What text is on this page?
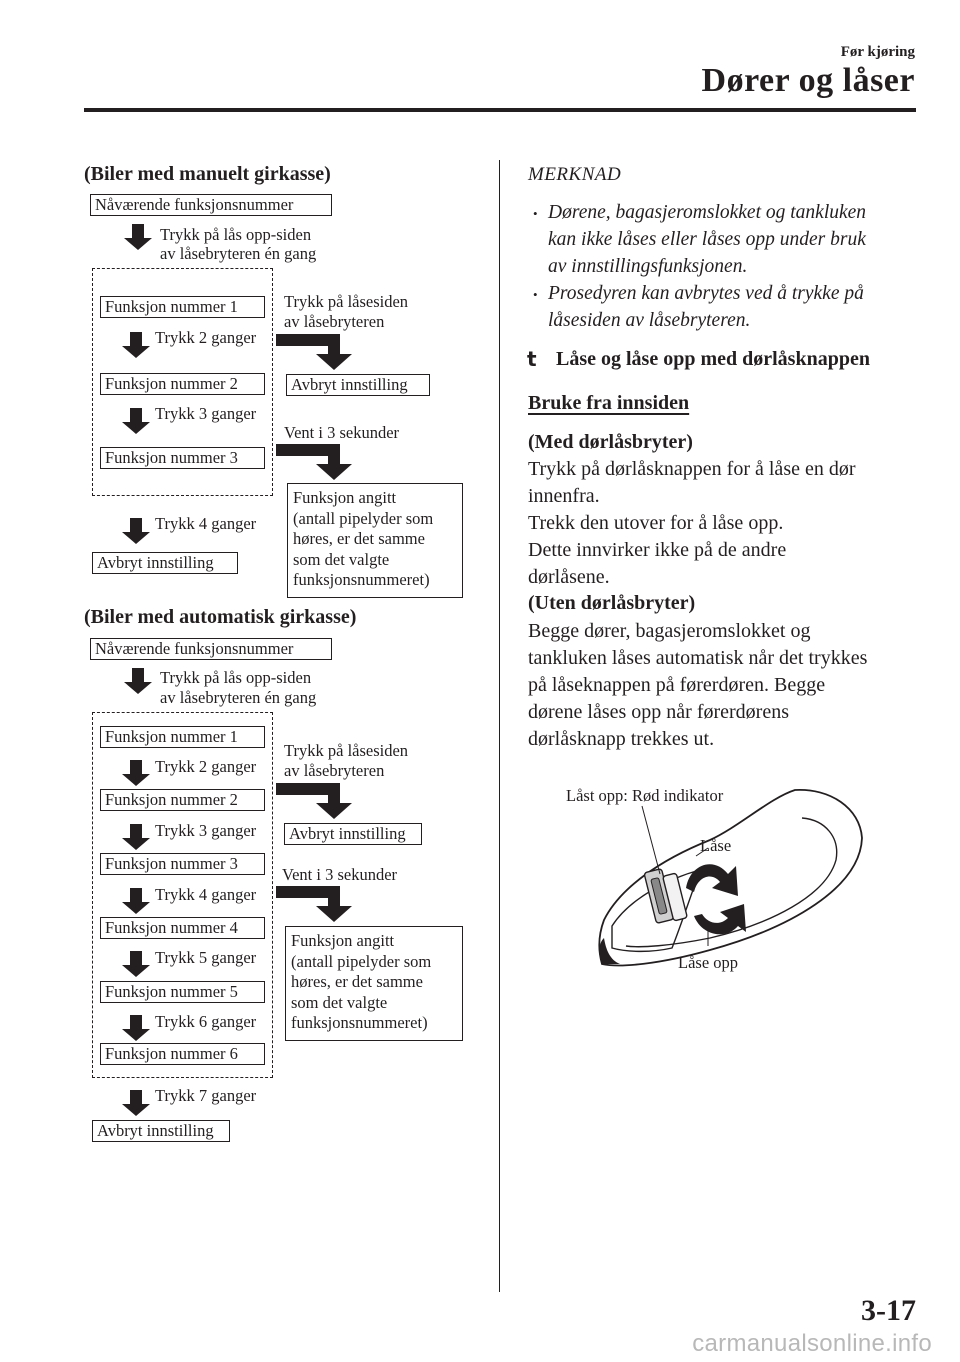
Før kjøring
Dører og låser
(Biler med manuelt girkasse)
Nåværende funksjonsnummer
Trykk på lås opp-siden
av låsebryteren én gang
Funksjon nummer 1
Trykk 2 ganger
Funksjon nummer 2
Trykk 3 ganger
Funksjon nummer 3
Trykk på låsesiden
av låsebryteren
Avbryt innstilling
Vent i 3 sekunder
Funksjon angitt
(antall pipelyder som
høres, er det samme
som det valgte
funksjonsnummeret)
Trykk 4 ganger
Avbryt innstilling
(Biler med automatisk girkasse)
Nåværende funksjonsnummer
Trykk på lås opp-siden
av låsebryteren én gang
Funksjon nummer 1
Trykk 2 ganger
Funksjon nummer 2
Trykk 3 ganger
Funksjon nummer 3
Trykk 4 ganger
Funksjon nummer 4
Trykk 5 ganger
Funksjon nummer 5
Trykk 6 ganger
Funksjon nummer 6
Trykk på låsesiden
av låsebryteren
Avbryt innstilling
Vent i 3 sekunder
Funksjon angitt
(antall pipelyder som
høres, er det samme
som det valgte
funksjonsnummeret)
Trykk 7 ganger
Avbryt innstilling
MERKNAD
• Dørene, bagasjeromslokket og tankluken
kan ikke låses eller låses opp under bruk
av innstillingsfunksjonen.
• Prosedyren kan avbrytes ved å trykke på
låsesiden av låsebryteren.
t Låse og låse opp med dørlåsknappen
Bruke fra innsiden
(Med dørlåsbryter)
Trykk på dørlåsknappen for å låse en dør
innenfra.
Trekk den utover for å låse opp.
Dette innvirker ikke på de andre
dørlåsene.
(Uten dørlåsbryter)
Begge dører, bagasjeromslokket og
tankluken låses automatisk når det trykkes
på låseknappen på førerdøren. Begge
dørene låses opp når førerdørens
dørlåsknapp trekkes ut.
Låst opp: Rød indikator
Låse
Låse opp
3-17
carmanualsonline.info
